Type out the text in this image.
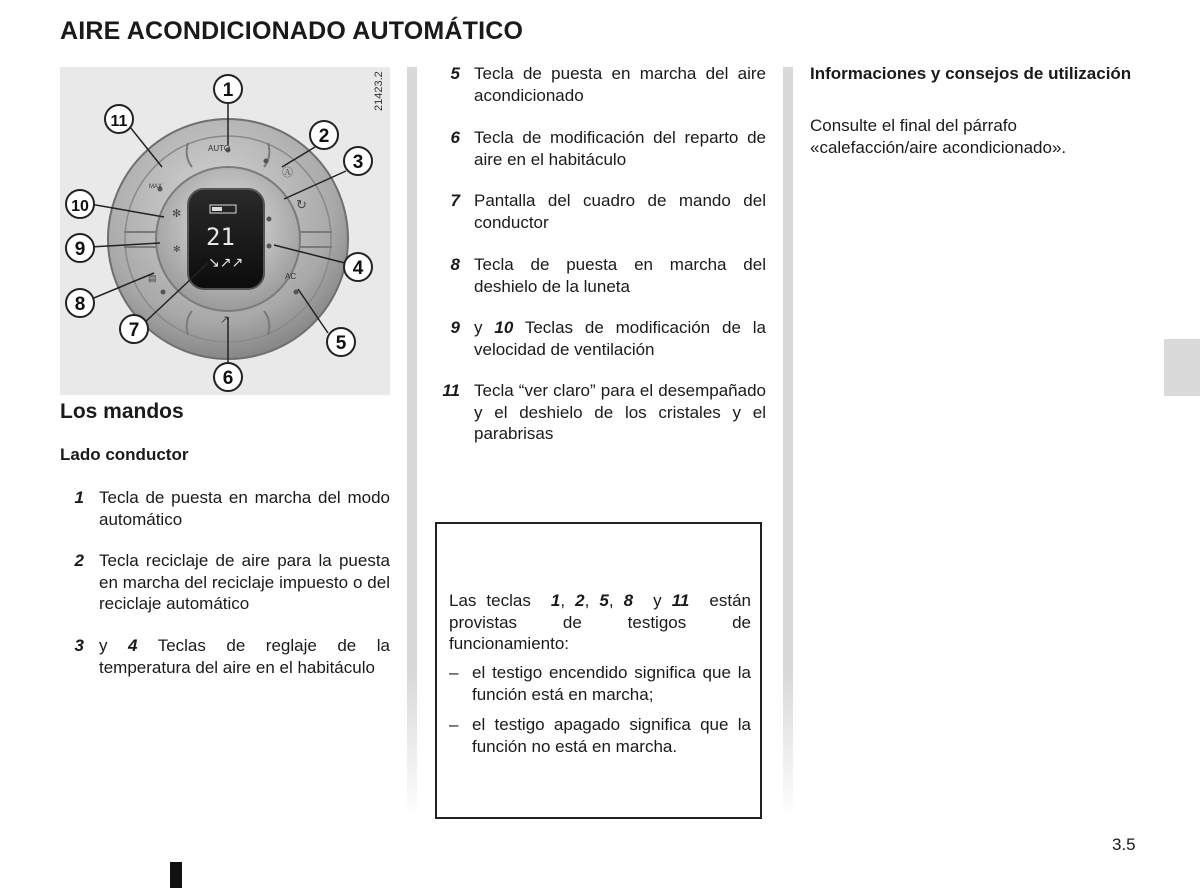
AIRE ACONDICIONADO AUTOMÁTICO
21
↘↗↗
AUTO
AC
MAX
Ⓐ
↻
✻
✻
▤
↗
21423.2
1
2
3
4
5
6
7
8
9
10
11
Los mandos
Lado conductor
1 Tecla de puesta en marcha del modo automático
2 Tecla reciclaje de aire para la puesta en marcha del reciclaje impuesto o del reciclaje automático
3 y 4 Teclas de reglaje de la temperatura del aire en el habitáculo
5 Tecla de puesta en marcha del aire acondicionado
6 Tecla de modificación del reparto de aire en el habitáculo
7 Pantalla del cuadro de mando del conductor
8 Tecla de puesta en marcha del deshielo de la luneta
9 y 10 Teclas de modificación de la velocidad de ventilación
11 Tecla “ver claro” para el desempañado y el deshielo de los cristales y el parabrisas
Las teclas 1, 2, 5, 8 y 11 están provistas de testigos de funcionamiento:
– el testigo encendido significa que la función está en marcha;
– el testigo apagado significa que la función no está en marcha.
Informaciones y consejos de utilización
Consulte el final del párrafo «calefacción/aire acondicionado».
3.5
